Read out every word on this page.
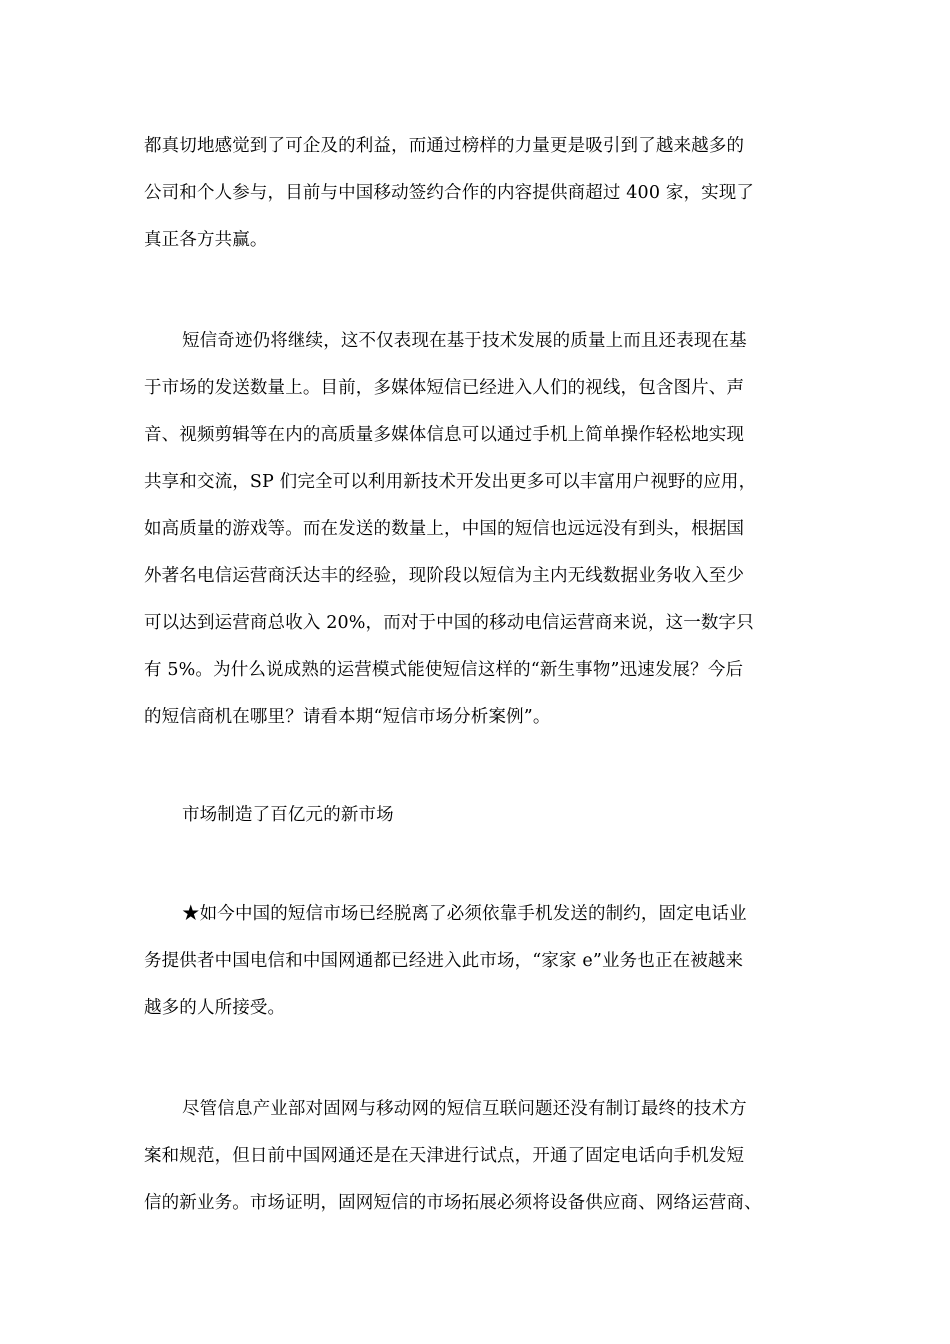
都真切地感觉到了可企及的利益，而通过榜样的力量更是吸引到了越来越多的
公司和个人参与，目前与中国移动签约合作的内容提供商超过 400 家，实现了
真正各方共赢。
短信奇迹仍将继续，这不仅表现在基于技术发展的质量上而且还表现在基
于市场的发送数量上。目前，多媒体短信已经进入人们的视线，包含图片、声
音、视频剪辑等在内的高质量多媒体信息可以通过手机上简单操作轻松地实现
共享和交流，SP 们完全可以利用新技术开发出更多可以丰富用户视野的应用，
如高质量的游戏等。而在发送的数量上，中国的短信也远远没有到头，根据国
外著名电信运营商沃达丰的经验，现阶段以短信为主内无线数据业务收入至少
可以达到运营商总收入 20%，而对于中国的移动电信运营商来说，这一数字只
有 5%。为什么说成熟的运营模式能使短信这样的“新生事物”迅速发展？今后
的短信商机在哪里？请看本期“短信市场分析案例”。
市场制造了百亿元的新市场
★如今中国的短信市场已经脱离了必须依靠手机发送的制约，固定电话业
务提供者中国电信和中国网通都已经进入此市场，“家家 e”业务也正在被越来
越多的人所接受。
尽管信息产业部对固网与移动网的短信互联问题还没有制订最终的技术方
案和规范，但日前中国网通还是在天津进行试点，开通了固定电话向手机发短
信的新业务。市场证明，固网短信的市场拓展必须将设备供应商、网络运营商、
